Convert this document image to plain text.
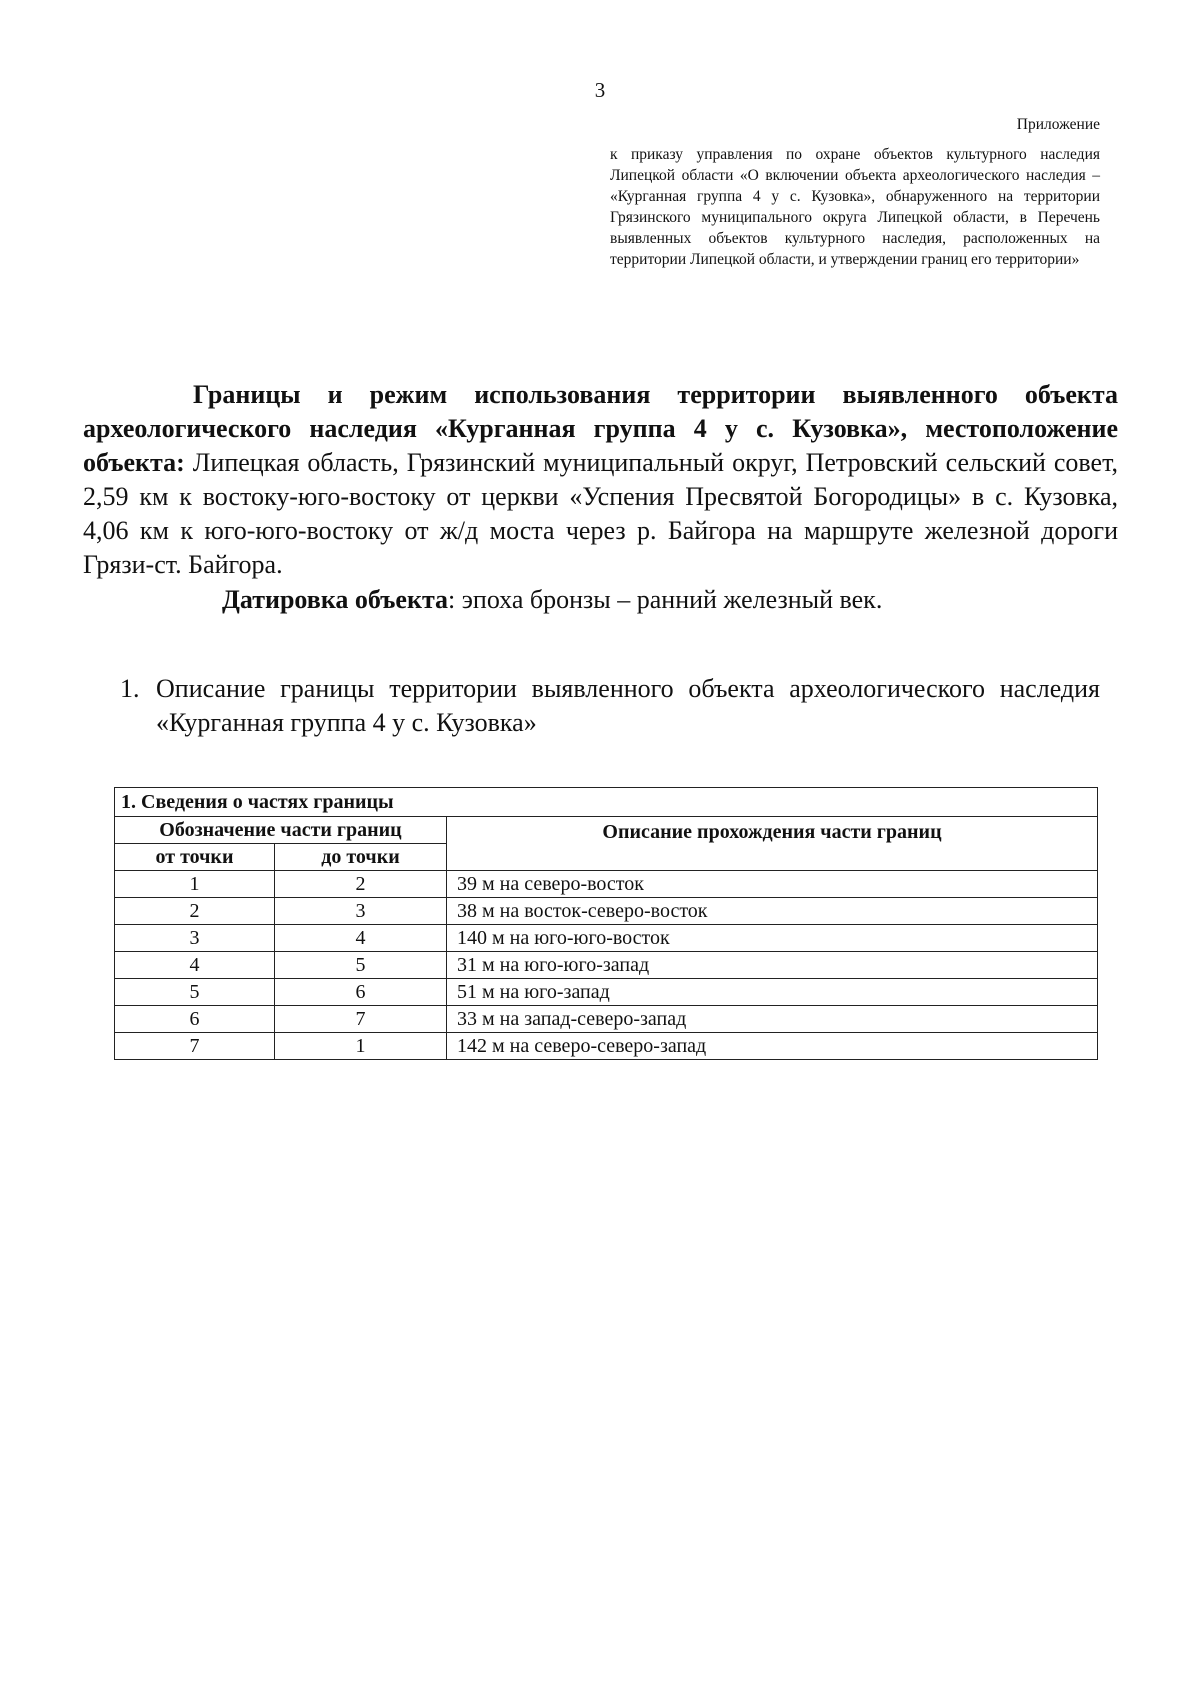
3
Приложение
к приказу управления по охране объектов культурного наследия Липецкой области «О включении объекта археологического наследия – «Курганная группа 4 у с. Кузовка», обнаруженного на территории Грязинского муниципального округа Липецкой области, в Перечень выявленных объектов культурного наследия, расположенных на территории Липецкой области, и утверждении границ его территории»
Границы и режим использования территории выявленного объекта археологического наследия «Курганная группа 4 у с. Кузовка», местоположение объекта: Липецкая область, Грязинский муниципальный округ, Петровский сельский совет, 2,59 км к востоку-юго-востоку от церкви «Успения Пресвятой Богородицы» в с. Кузовка, 4,06 км к юго-юго-востоку от ж/д моста через р. Байгора на маршруте железной дороги Грязи-ст. Байгора.
Датировка объекта: эпоха бронзы – ранний железный век.
1. Описание границы территории выявленного объекта археологического наследия «Курганная группа 4 у с. Кузовка»
1. Сведения о частях границы		
Обозначение части границ		Описание прохождения части границ
от точки	до точки	
1	2	39 м на северо-восток
2	3	38 м на восток-северо-восток
3	4	140 м на юго-юго-восток
4	5	31 м на юго-юго-запад
5	6	51 м на юго-запад
6	7	33 м на запад-северо-запад
7	1	142 м на северо-северо-запад
